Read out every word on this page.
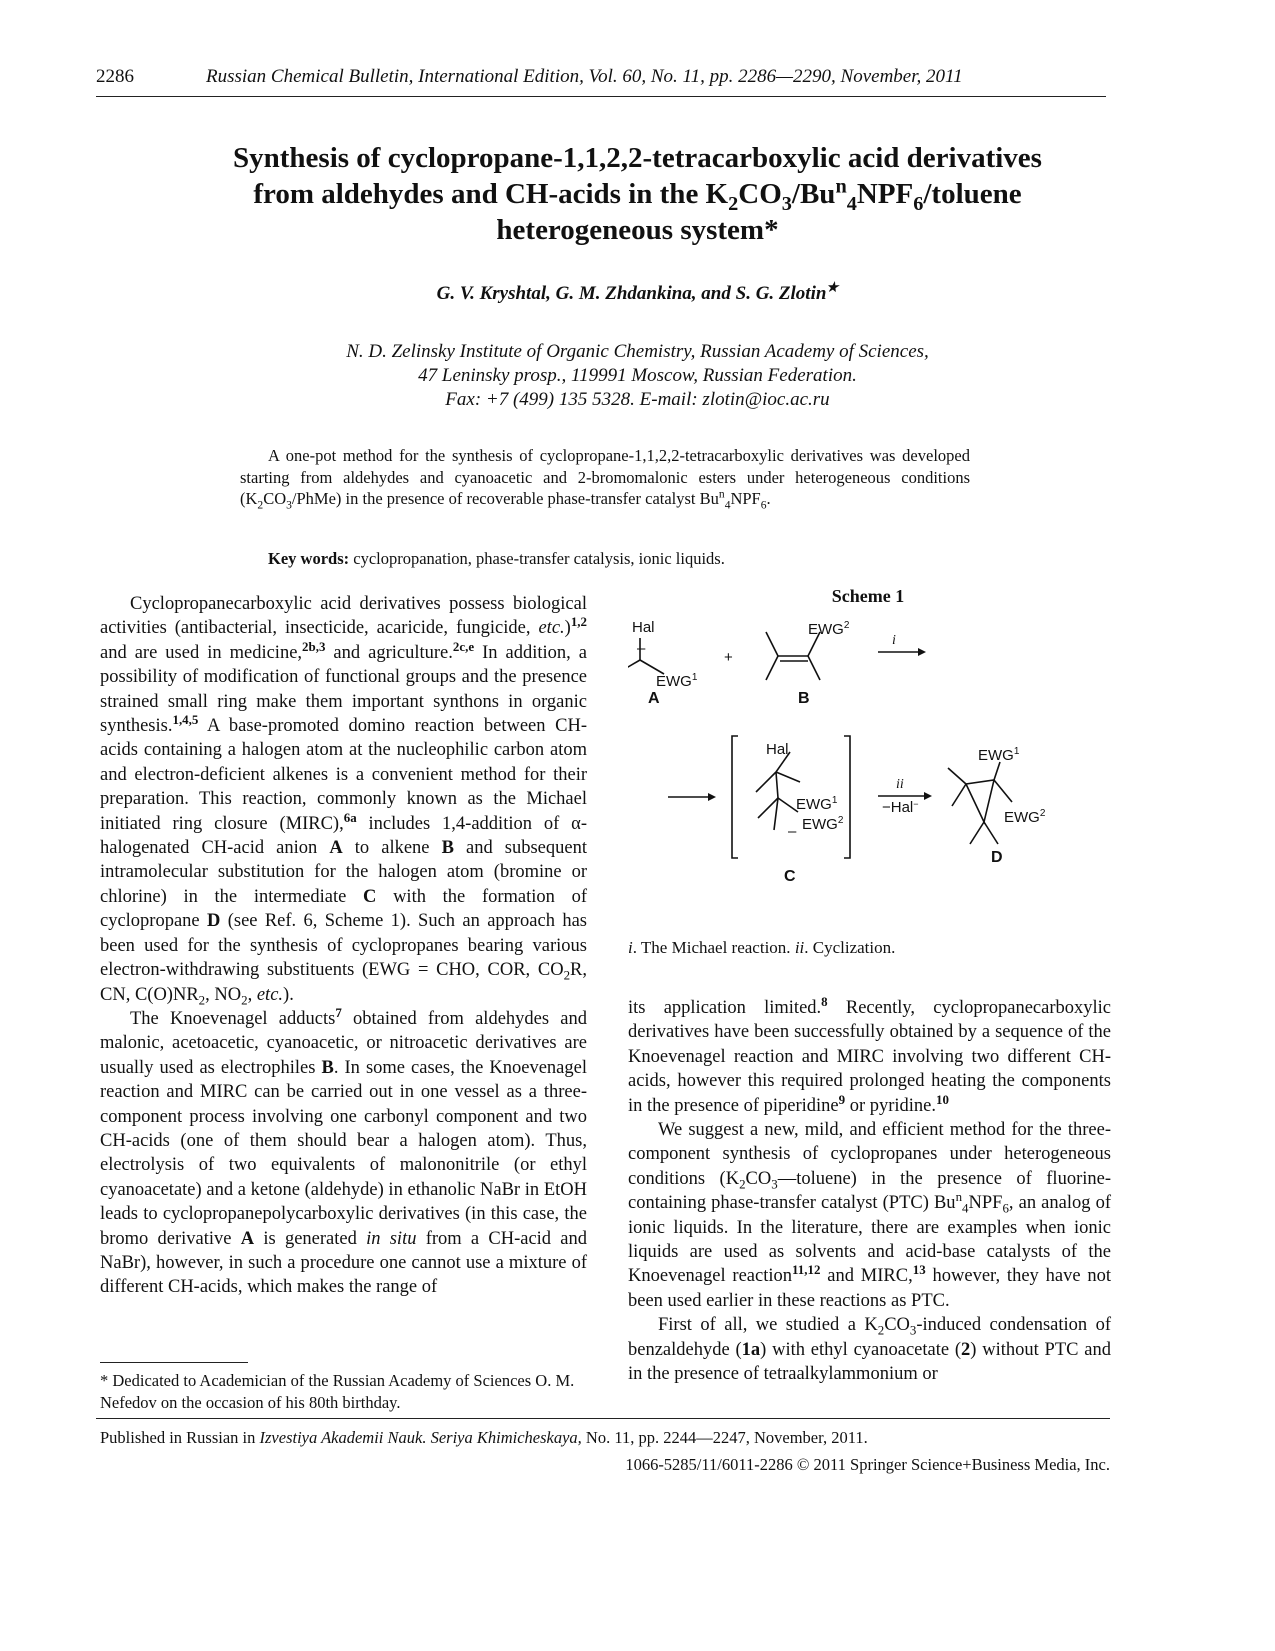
2286	Russian Chemical Bulletin, International Edition, Vol. 60, No. 11, pp. 2286—2290, November, 2011
Synthesis of cyclopropane-1,1,2,2-tetracarboxylic acid derivatives
from aldehydes and CH-acids in the $K_2CO_3/Bu^n_4NPF_6$/toluene
heterogeneous system*
G. V. Kryshtal, G. M. Zhdankina, and S. G. Zlotin★
N. D. Zelinsky Institute of Organic Chemistry, Russian Academy of Sciences,
47 Leninsky prosp., 119991 Moscow, Russian Federation.
Fax: +7 (499) 135 5328. E-mail: zlotin@ioc.ac.ru
A one-pot method for the synthesis of cyclopropane-1,1,2,2-tetracarboxylic derivatives was developed starting from aldehydes and cyanoacetic and 2-bromomalonic esters under heterogeneous conditions $(K_2CO_3/PhMe)$ in the presence of recoverable phase-transfer catalyst $Bu^n_4NPF_6$.
Key words: cyclopropanation, phase-transfer catalysis, ionic liquids.

Cyclopropanecarboxylic acid derivatives possess biological activities (antibacterial, insecticide, acaricide, fungicide, etc.)$^{1,2}$ and are used in medicine,$^{2b,3}$ and agriculture.$^{2c,e}$ In addition, a possibility of modification of functional groups and the presence strained small ring make them important synthons in organic synthesis.$^{1,4,5}$ A base-promoted domino reaction between CH-acids containing a halogen atom at the nucleophilic carbon atom and electron-deficient alkenes is a convenient method for their preparation. This reaction, commonly known as the Michael initiated ring closure (MIRC),$^{6a}$ includes 1,4-addition of α-halogenated CH-acid anion A to alkene B and subsequent intramolecular substitution for the halogen atom (bromine or chlorine) in the intermediate C with the formation of cyclopropane D (see Ref. 6, Scheme 1). Such an approach has been used for the synthesis of cyclopropanes bearing various electron-withdrawing substituents (EWG = CHO, COR, $CO_2R$, CN, $C(O)NR_2$, $NO_2$, etc.).

The Knoevenagel adducts$^7$ obtained from aldehydes and malonic, acetoacetic, cyanoacetic, or nitroacetic derivatives are usually used as electrophiles B. In some cases, the Knoevenagel reaction and MIRC can be carried out in one vessel as a three-component process involving one carbonyl component and two CH-acids (one of them should bear a halogen atom). Thus, electrolysis of two equivalents of malononitrile (or ethyl cyanoacetate) and a ketone (aldehyde) in ethanolic NaBr in EtOH leads to cyclopropanepolycarboxylic derivatives (in this case, the bromo derivative A is generated in situ from a CH-acid and NaBr), however, in such a procedure one cannot use a mixture of different CH-acids, which makes the range of

* Dedicated to Academician of the Russian Academy of Sciences O. M. Nefedov on the occasion of his 80th birthday.
Scheme 1
Hal
–
$EWG^1$
+
$EWG^2$
i
A	B
Hal
EWG$^1$
EWG$^2$
–
C
ii
−Hal−
EWG$^1$
EWG$^2$
D
i. The Michael reaction. ii. Cyclization.

its application limited.$^8$ Recently, cyclopropanecarboxylic derivatives have been successfully obtained by a sequence of the Knoevenagel reaction and MIRC involving two different CH-acids, however this required prolonged heating the components in the presence of piperidine$^9$ or pyridine.$^{10}$

We suggest a new, mild, and efficient method for the three-component synthesis of cyclopropanes under heterogeneous conditions $(K_2CO_3—toluene)$ in the presence of fluorine-containing phase-transfer catalyst (PTC) $Bu^n_4NPF_6$, an analog of ionic liquids. In the literature, there are examples when ionic liquids are used as solvents and acid-base catalysts of the Knoevenagel reaction$^{11,12}$ and MIRC,$^{13}$ however, they have not been used earlier in these reactions as PTC.

First of all, we studied a $K_2CO_3$-induced condensation of benzaldehyde (1a) with ethyl cyanoacetate (2) without PTC and in the presence of tetraalkylammonium or

Published in Russian in Izvestiya Akademii Nauk. Seriya Khimicheskaya, No. 11, pp. 2244—2247, November, 2011.
1066-5285/11/6011-2286 © 2011 Springer Science+Business Media, Inc.
